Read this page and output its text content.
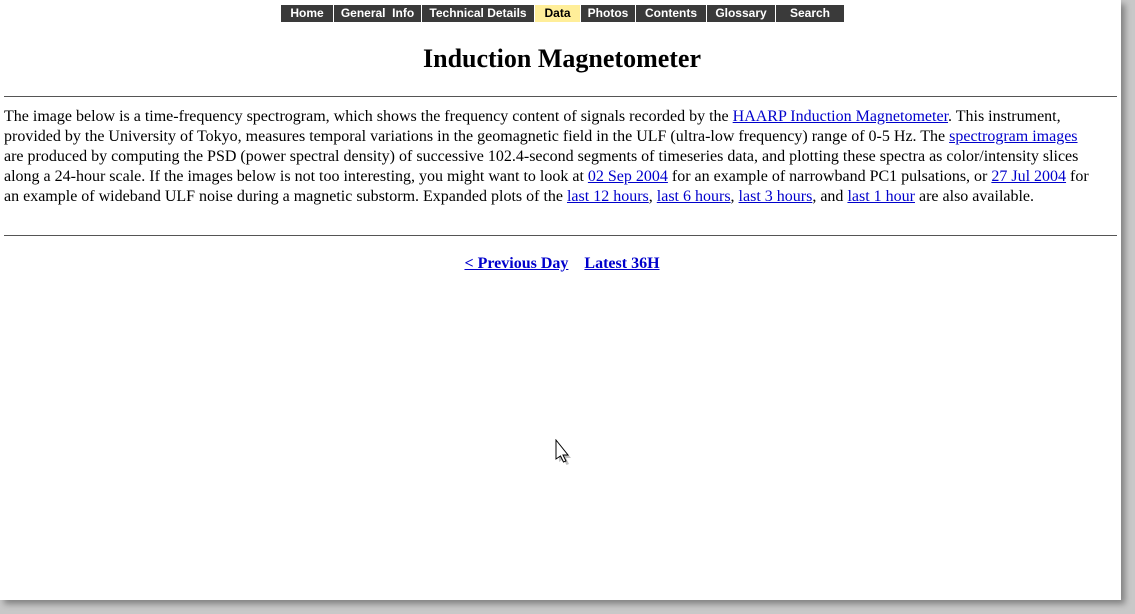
Home	General  Info	Technical Details	Data	Photos	Contents	Glossary	Search
Induction Magnetometer

The image below is a time-frequency spectrogram, which shows the frequency content of signals recorded by the HAARP Induction Magnetometer. This instrument, provided by the University of Tokyo, measures temporal variations in the geomagnetic field in the ULF (ultra-low frequency) range of 0-5 Hz. The spectrogram images are produced by computing the PSD (power spectral density) of successive 102.4-second segments of timeseries data, and plotting these spectra as color/intensity slices along a 24-hour scale. If the images below is not too interesting, you might want to look at 02 Sep 2004 for an example of narrowband PC1 pulsations, or 27 Jul 2004 for an example of wideband ULF noise during a magnetic substorm. Expanded plots of the last 12 hours, last 6 hours, last 3 hours, and last 1 hour are also available.

< Previous Day Latest 36H
